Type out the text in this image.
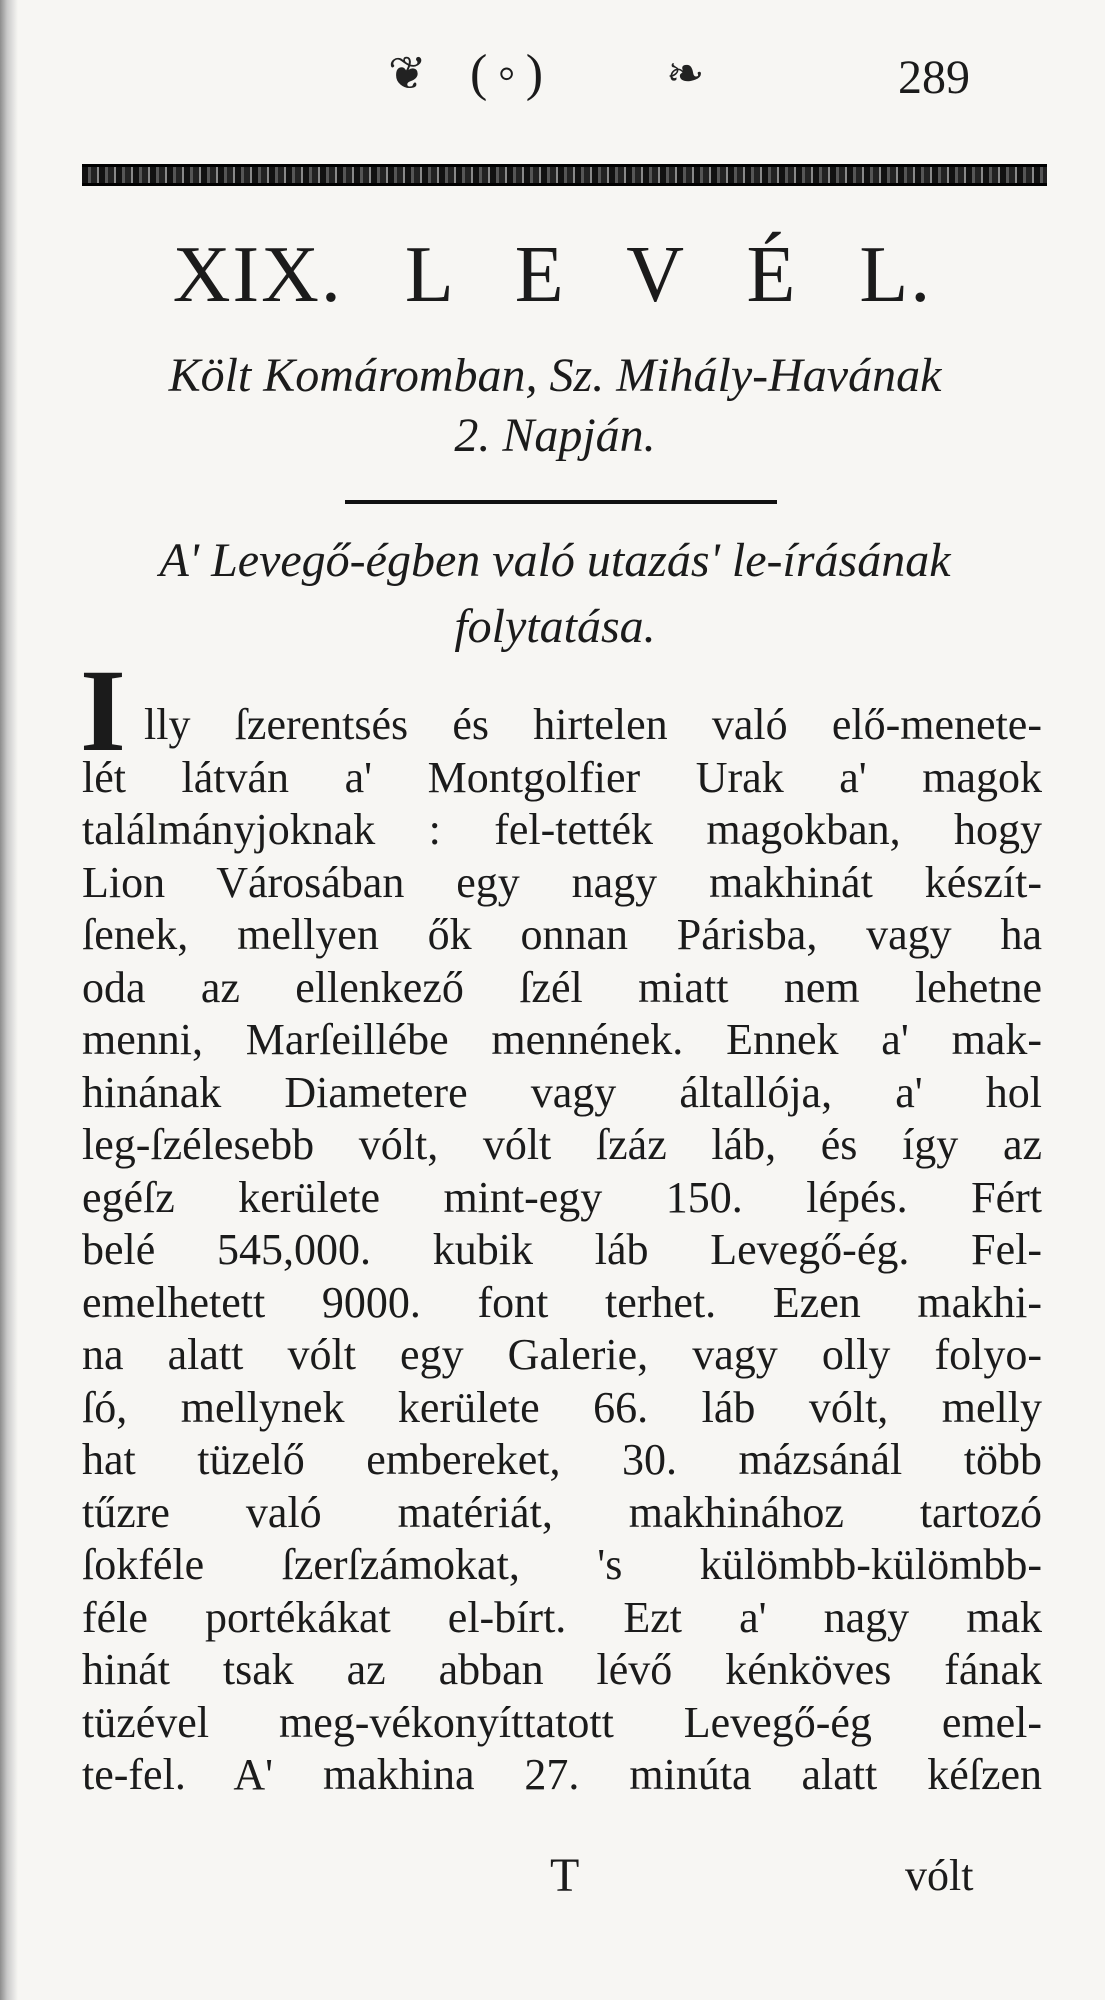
❦ (◦) ❧	289
XIX. L E V É L.
Költ Komáromban, Sz. Mihály-Havának
2. Napján.
A' Levegő-égben való utazás' le-írásának
folytatása.
I lly ſzerentsés és hirtelen való elő-menete-
lét látván a' Montgolfier Urak a' magok
találmányjoknak : fel-tették magokban, hogy
Lion Városában egy nagy makhinát készít-
ſenek, mellyen ők onnan Párisba, vagy ha
oda az ellenkező ſzél miatt nem lehetne
menni, Marſeillébe mennének. Ennek a' mak-
hinának Diametere vagy általlója, a' hol
leg-ſzélesebb vólt, vólt ſzáz láb, és így az
egéſz kerülete mint-egy 150. lépés. Fért
belé 545,000. kubik láb Levegő-ég. Fel-
emelhetett 9000. font terhet. Ezen makhi-
na alatt vólt egy Galerie, vagy olly folyo-
ſó, mellynek kerülete 66. láb vólt, melly
hat tüzelő embereket, 30. mázsánál több
tűzre való matériát, makhinához tartozó
ſokféle ſzerſzámokat, 's külömbb-külömbb-
féle portékákat el-bírt. Ezt a' nagy mak
hinát tsak az abban lévő kénköves fának
tüzével meg-vékonyíttatott Levegő-ég emel-
te-fel. A' makhina 27. minúta alatt kéſzen
T	vólt
